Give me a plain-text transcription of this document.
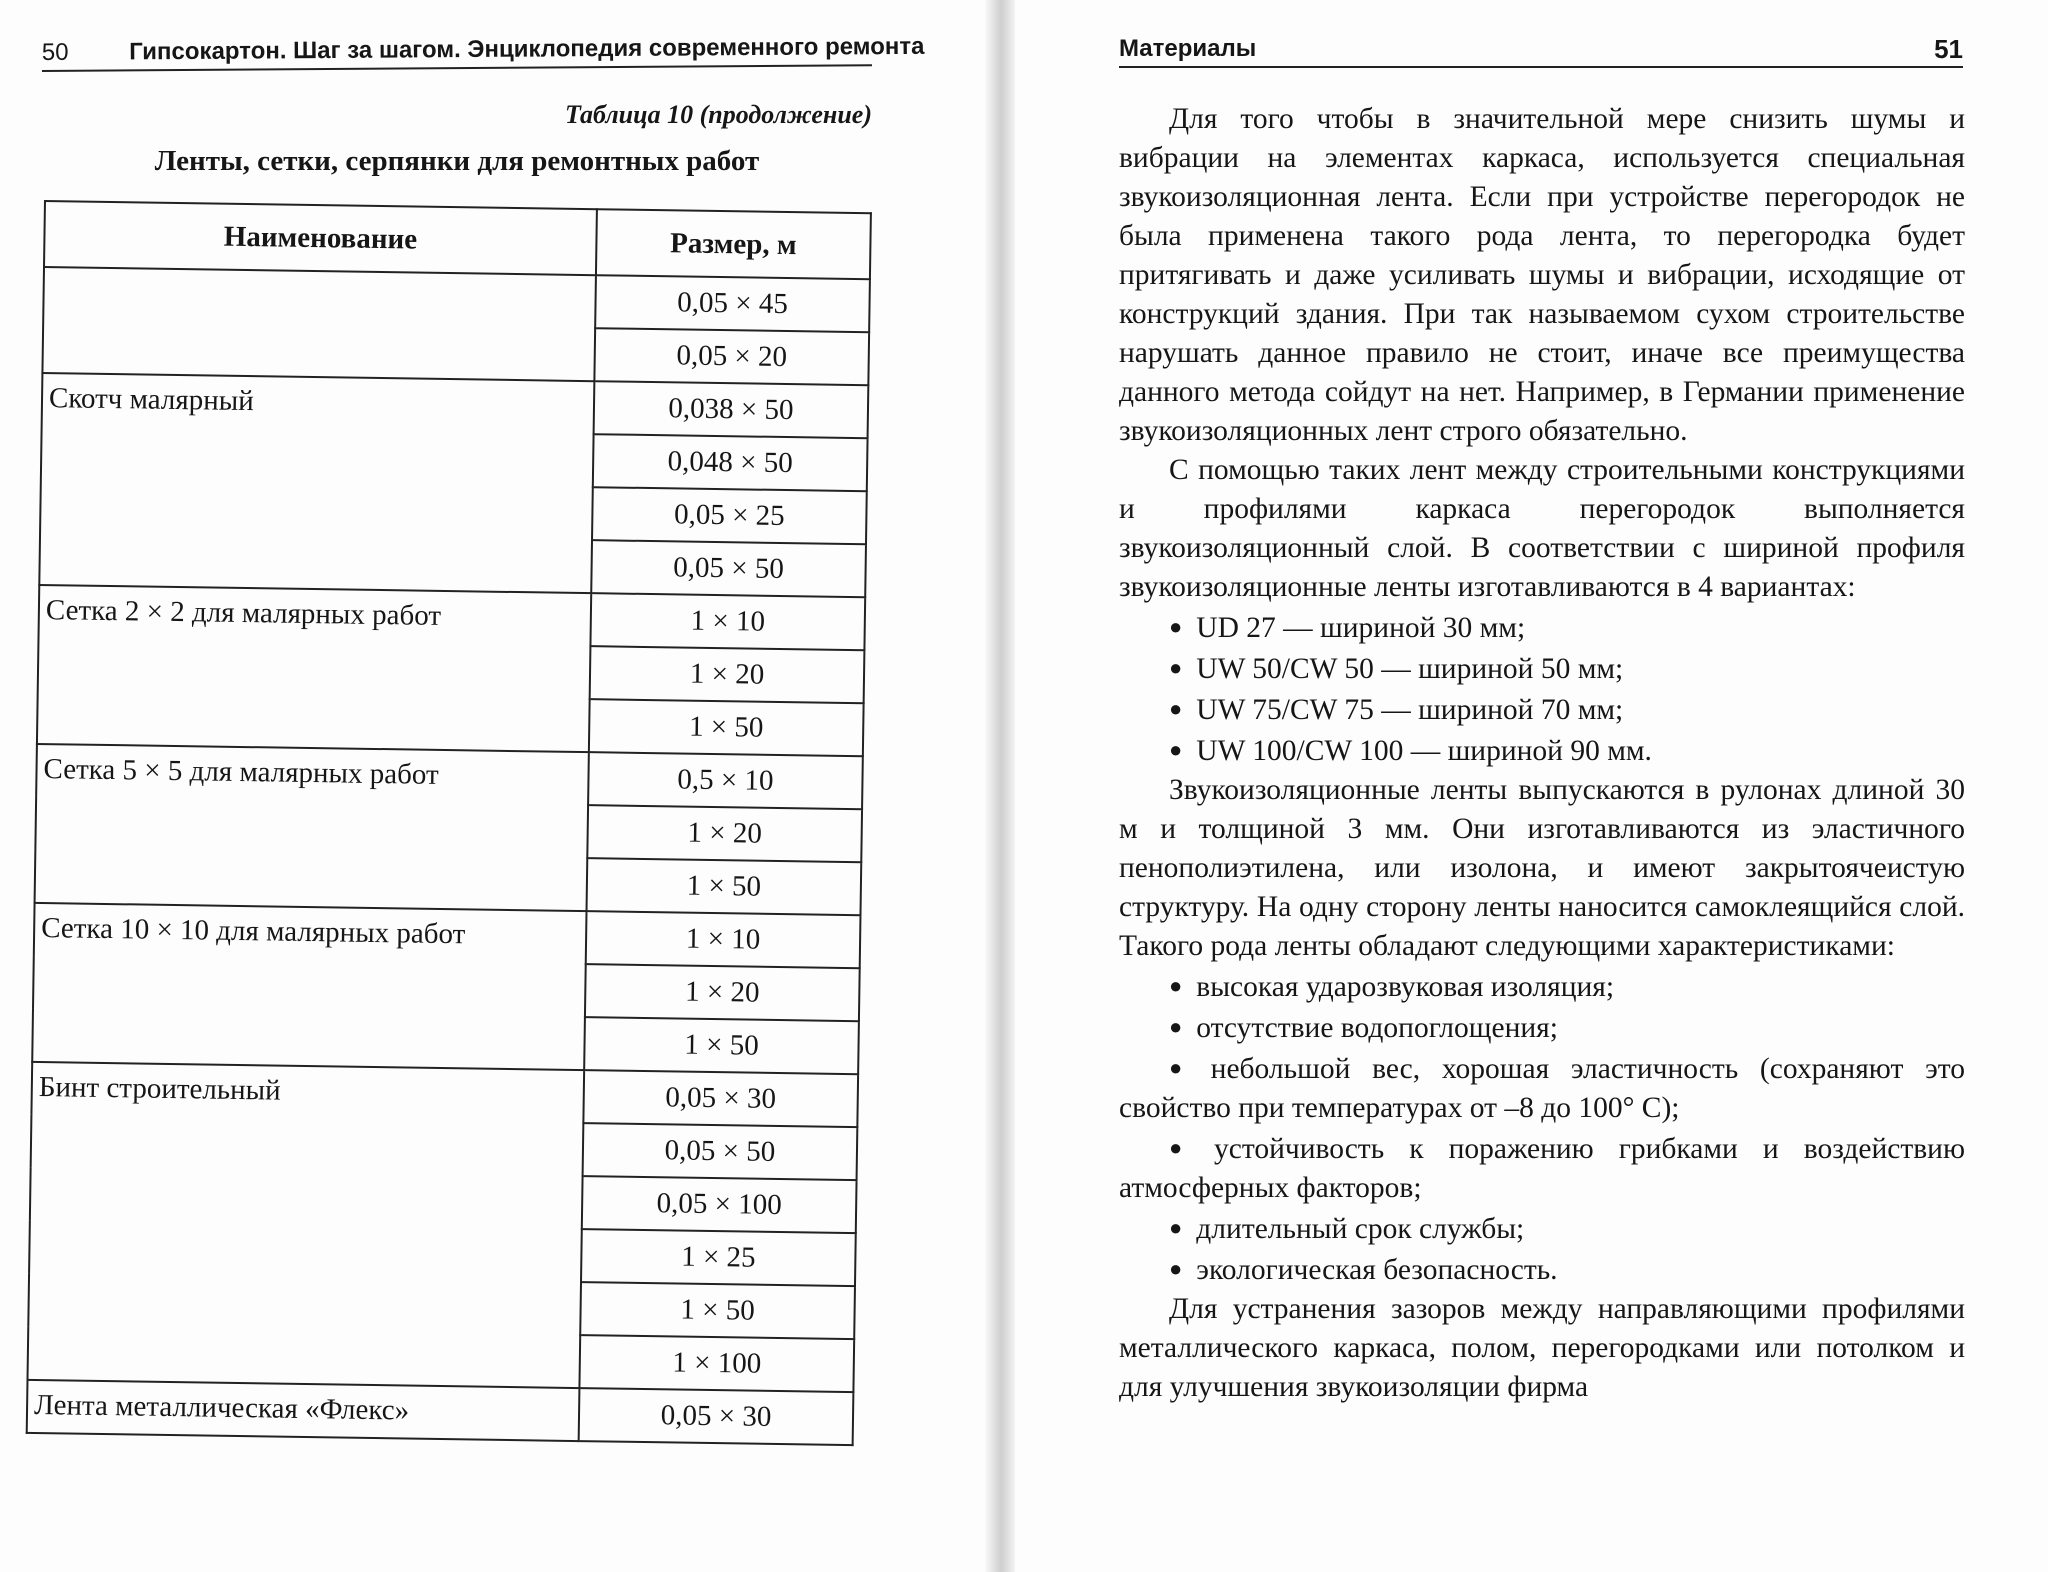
50	Гипсокартон. Шаг за шагом. Энциклопедия современного ремонта
Таблица 10 (продолжение)
Ленты, сетки, серпянки для ремонтных работ
Наименование	Размер, м
	0,05 × 45
	0,05 × 20
Скотч малярный	0,038 × 50
	0,048 × 50
	0,05 × 25
	0,05 × 50
Сетка 2 × 2 для малярных работ	1 × 10
	1 × 20
	1 × 50
Сетка 5 × 5 для малярных работ	0,5 × 10
	1 × 20
	1 × 50
Сетка 10 × 10 для малярных работ	1 × 10
	1 × 20
	1 × 50
Бинт строительный	0,05 × 30
	0,05 × 50
	0,05 × 100
	1 × 25
	1 × 50
	1 × 100
Лента металлическая «Флекс»	0,05 × 30
Материалы	51

Для того чтобы в значительной мере снизить шумы и вибрации на элементах каркаса, используется специальная звукоизоляционная лента. Если при устройстве перегородок не была применена такого рода лента, то перегородка будет притягивать и даже усиливать шумы и вибрации, исходящие от конструкций здания. При так называемом сухом строительстве нарушать данное правило не стоит, иначе все преимущества данного метода сойдут на нет. Например, в Германии применение звукоизоляционных лент строго обязательно.

С помощью таких лент между строительными конструкциями и профилями каркаса перегородок выполняется звукоизоляционный слой. В соответствии с шириной профиля звукоизоляционные ленты изготавливаются в 4 вариантах:

● UD 27 — шириной 30 мм;
● UW 50/CW 50 — шириной 50 мм;
● UW 75/CW 75 — шириной 70 мм;
● UW 100/CW 100 — шириной 90 мм.

Звукоизоляционные ленты выпускаются в рулонах длиной 30 м и толщиной 3 мм. Они изготавливаются из эластичного пенополиэтилена, или изолона, и имеют закрытоячеистую структуру. На одну сторону ленты наносится самоклеящийся слой. Такого рода ленты обладают следующими характеристиками:

● высокая ударозвуковая изоляция;
● отсутствие водопоглощения;
● небольшой вес, хорошая эластичность (сохраняют это свойство при температурах от –8 до 100° С);
● устойчивость к поражению грибками и воздействию атмосферных факторов;
● длительный срок службы;
● экологическая безопасность.

Для устранения зазоров между направляющими профилями металлического каркаса, полом, перегородками или потолком и для улучшения звукоизоляции фирма
